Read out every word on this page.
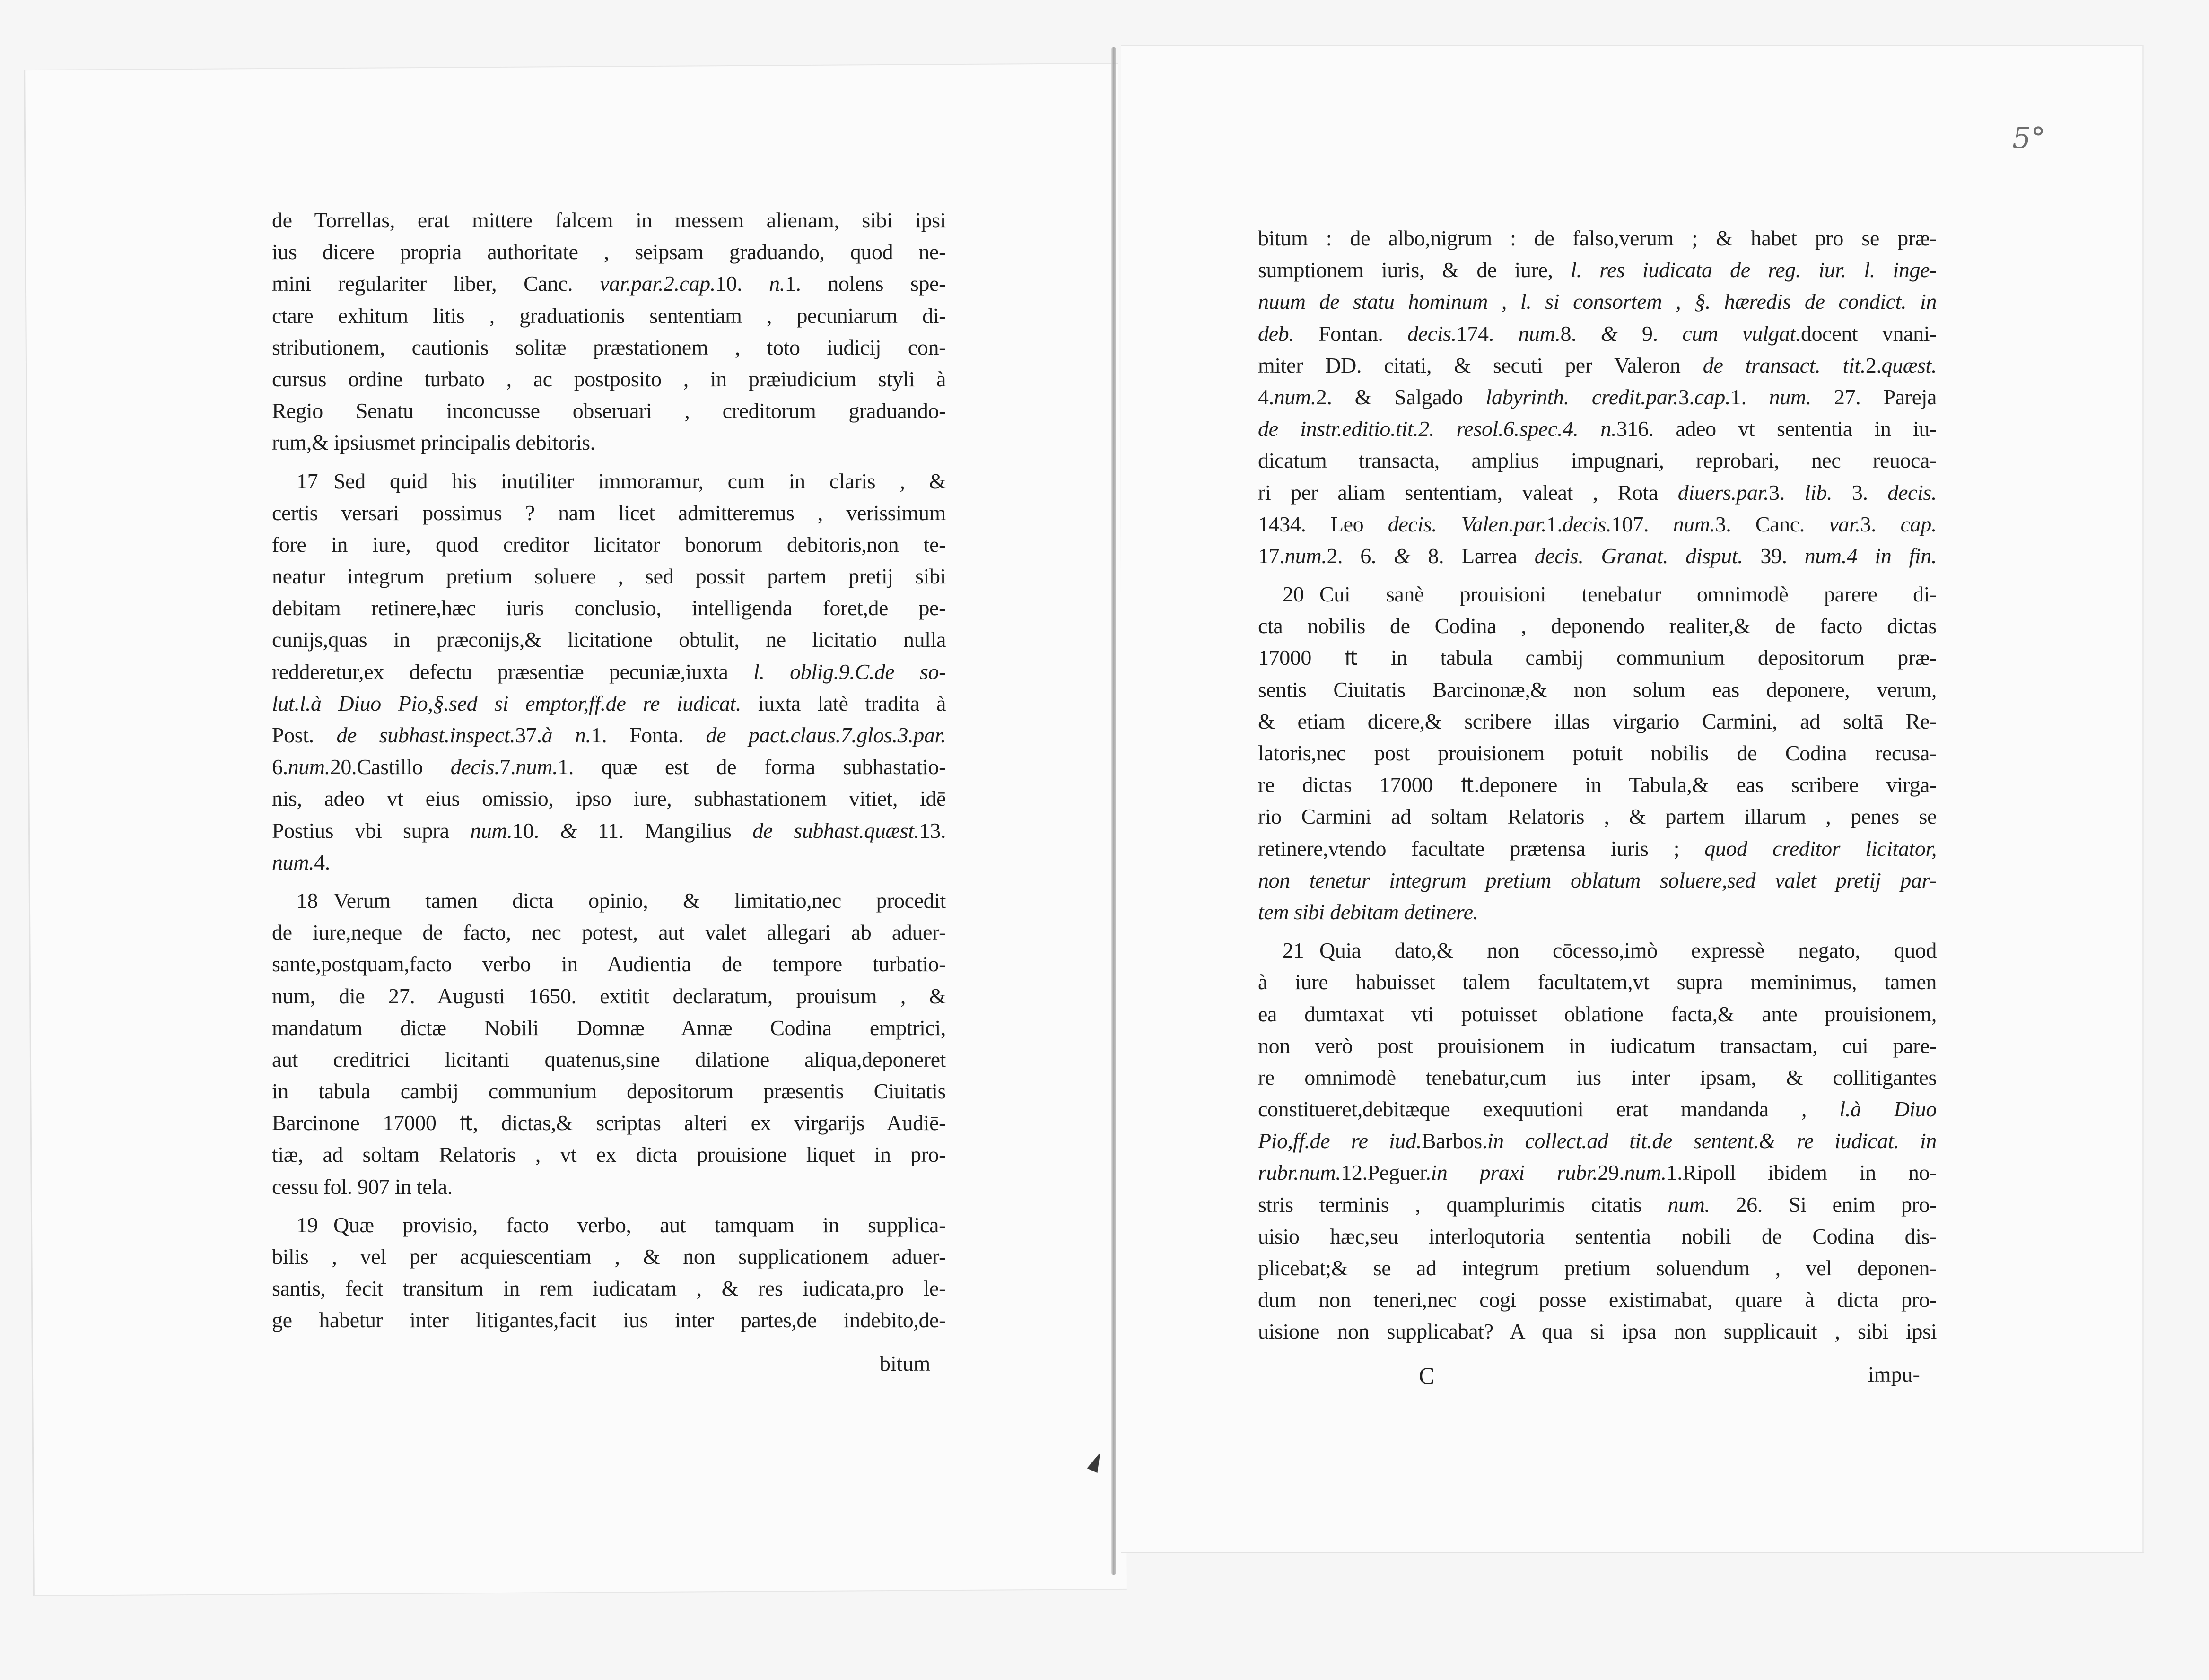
5°
de Torrellas, erat mittere falcem in messem alienam, sibi ipsi
ius dicere propria authoritate , seipsam graduando, quod ne-
mini regulariter liber, Canc. var.par.2.cap.10. n.1. nolens spe-
ctare exhitum litis , graduationis sententiam , pecuniarum di-
stributionem, cautionis solitæ præstationem , toto iudicij con-
cursus ordine turbato , ac postposito , in præiudicium styli à
Regio Senatu inconcusse obseruari , creditorum graduando-
rum,& ipsiusmet principalis debitoris.
17 Sed quid his inutiliter immoramur, cum in claris , &
certis versari possimus ? nam licet admitteremus , verissimum
fore in iure, quod creditor licitator bonorum debitoris,non te-
neatur integrum pretium soluere , sed possit partem pretij sibi
debitam retinere,hæc iuris conclusio, intelligenda foret,de pe-
cunijs,quas in præconijs,& licitatione obtulit, ne licitatio nulla
redderetur,ex defectu præsentiæ pecuniæ,iuxta l. oblig.9.C.de so-
lut.l.à Diuo Pio,§.sed si emptor,ff.de re iudicat. iuxta latè tradita à
Post. de subhast.inspect.37.à n.1. Fonta. de pact.claus.7.glos.3.par.
6.num.20.Castillo decis.7.num.1. quæ est de forma subhastatio-
nis, adeo vt eius omissio, ipso iure, subhastationem vitiet, idē
Postius vbi supra num.10. & 11. Mangilius de subhast.quæst.13.
num.4.
18 Verum tamen dicta opinio, & limitatio,nec procedit
de iure,neque de facto, nec potest, aut valet allegari ab aduer-
sante,postquam,facto verbo in Audientia de tempore turbatio-
num, die 27. Augusti 1650. extitit declaratum, prouisum , &
mandatum dictæ Nobili Domnæ Annæ Codina emptrici,
aut creditrici licitanti quatenus,sine dilatione aliqua,deponeret
in tabula cambij communium depositorum præsentis Ciuitatis
Barcinone 17000 ₶, dictas,& scriptas alteri ex virgarijs Audiē-
tiæ, ad soltam Relatoris , vt ex dicta prouisione liquet in pro-
cessu fol. 907 in tela.
19 Quæ provisio, facto verbo, aut tamquam in supplica-
bilis , vel per acquiescentiam , & non supplicationem aduer-
santis, fecit transitum in rem iudicatam , & res iudicata,pro le-
ge habetur inter litigantes,facit ius inter partes,de indebito,de-
bitum
bitum : de albo,nigrum : de falso,verum ; & habet pro se præ-
sumptionem iuris, & de iure, l. res iudicata de reg. iur. l. inge-
nuum de statu hominum , l. si consortem , §. hæredis de condict. in
deb. Fontan. decis.174. num.8. & 9. cum vulgat.docent vnani-
miter DD. citati, & secuti per Valeron de transact. tit.2.quæst.
4.num.2. & Salgado labyrinth. credit.par.3.cap.1. num. 27. Pareja
de instr.editio.tit.2. resol.6.spec.4. n.316. adeo vt sententia in iu-
dicatum transacta, amplius impugnari, reprobari, nec reuoca-
ri per aliam sententiam, valeat , Rota diuers.par.3. lib. 3. decis.
1434. Leo decis. Valen.par.1.decis.107. num.3. Canc. var.3. cap.
17.num.2. 6. & 8. Larrea decis. Granat. disput. 39. num.4 in fin.
20 Cui sanè prouisioni tenebatur omnimodè parere di-
cta nobilis de Codina , deponendo realiter,& de facto dictas
17000 ₶ in tabula cambij communium depositorum præ-
sentis Ciuitatis Barcinonæ,& non solum eas deponere, verum,
& etiam dicere,& scribere illas virgario Carmini, ad soltā Re-
latoris,nec post prouisionem potuit nobilis de Codina recusa-
re dictas 17000 ₶.deponere in Tabula,& eas scribere virga-
rio Carmini ad soltam Relatoris , & partem illarum , penes se
retinere,vtendo facultate prætensa iuris ; quod creditor licitator,
non tenetur integrum pretium oblatum soluere,sed valet pretij par-
tem sibi debitam detinere.
21 Quia dato,& non cōcesso,imò expressè negato, quod
à iure habuisset talem facultatem,vt supra meminimus, tamen
ea dumtaxat vti potuisset oblatione facta,& ante prouisionem,
non verò post prouisionem in iudicatum transactam, cui pare-
re omnimodè tenebatur,cum ius inter ipsam, & collitigantes
constitueret,debitæque exequutioni erat mandanda , l.à Diuo
Pio,ff.de re iud.Barbos.in collect.ad tit.de sentent.& re iudicat. in
rubr.num.12.Peguer.in praxi rubr.29.num.1.Ripoll ibidem in no-
stris terminis , quamplurimis citatis num. 26. Si enim pro-
uisio hæc,seu interloqutoria sententia nobili de Codina dis-
plicebat;& se ad integrum pretium soluendum , vel deponen-
dum non teneri,nec cogi posse existimabat, quare à dicta pro-
uisione non supplicabat? A qua si ipsa non supplicauit , sibi ipsi
C	impu-
